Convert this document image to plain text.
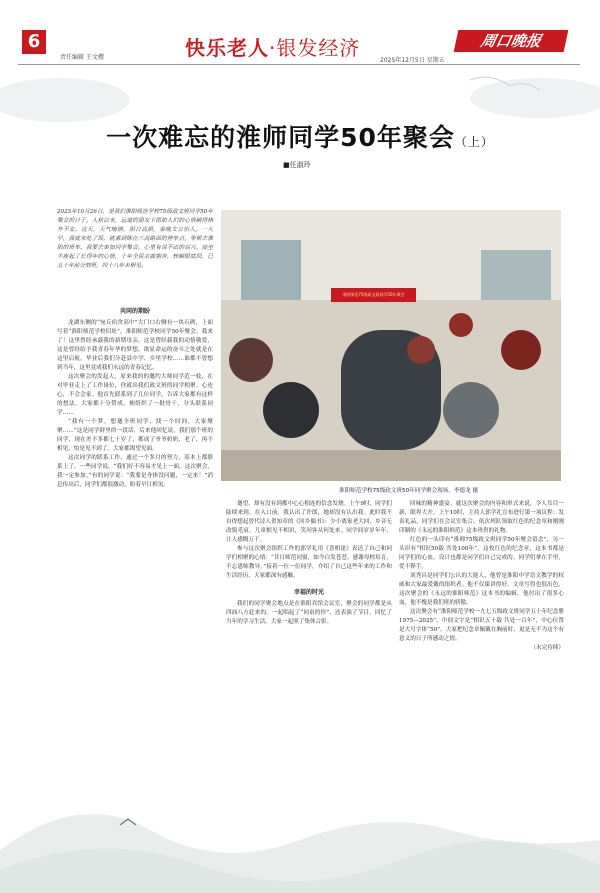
6
责任编辑 王文樱	快乐老人·银发经济	周口晚报
2025年12月5日 星期五
一次难忘的淮师同学50年聚会（上）
■任淑玲
2025年10月26日，是我们淮阳师范学校75级政文班同学50年聚会的日子。入秋以来，远道的朋友下雨如人们的心情瞬得格外不安。这天，天气晴朗，阳日高照，秦晚太公怡人。一大早，我就来吃了饭，就乘到陈在三高路面的停车点，等候去淮阳的班车。我要去参加同学聚会，心里有说不出的高兴。接坐半座起了长得年的心情，十年全民亲戚朝奔，转瞬眼底间，已五十年前分刻班，四十八年未相见。
共同的期盼

龙湖东侧的“宛丘宿舍高中”大门口右侧有一块石碑，上面写着“淮阳师范学校旧址”。淮阳师范学校同学50年聚会，我来了！这里曾经承载我的新期母亲，这是曾经载我的动情敬爱，这是曾经给予我青春年华的梦想，欲显命运的奋斗之处就是在这里启航。毕业后我们分赴县中学、乡里学校……谁都不曾想到当年，这里竟成我们永远的青春记忆。

这次聚会的发起人，原来我的的邀约大师同学范一枝，在对毕业走上了工作岗位，你就出我们政文班的同学相聚。心连心，不会会家。他首先联系到了几位同学，告诉大家都有这样的想法，大家都十分赞成，便组织了一批骨干，分头联系同学……

“我有一个梦，想邀全班同学，找一个时间，大家聚聚……”这是同学群里的一段话，后来他回忆说，我们那个班的同学，现在差不多都七十岁了，都成了爷爷奶奶，老了，再不相见，怕是见不到了。大家都渴望见面。

这次同学的联系工作，通过一个多月的努力，基本上都联系上了。一些同学说，“我们好不容易才见上一面，这次聚会，我一定参加。”有的同学说：“我要是身体没问题，一定来！”消息传出后，同学们都很激动，盼着早日相见。

淮阳师范75级政文班同学50年聚会
淮阳师范学校75级政文班50年同学聚会现场。李德龙 摄

邀望，却有没有到都中心心相连的信念发烧。上午9时，同学们陆续来到。在入口前，我认出了许郎，她却没有认出我。此时我不自得想起曾代诗人贺知章的《回乡偶书》：少小离家老大回，乡音无改鬓毛衰。儿童相见不相识，笑问客从何处来。同学间岁岁年年，让人感慨万千。

参与这次聚会组织工作的郭学礼用《喜相逢》表达了自己和同学们相聚的心情：“昔日师范同窗，如今白发苍苍。感谢母校培育，不忘恩师教导。”接着一位一位同学，介绍了自己这些年来的工作和生活经历，大家都深有感触。

幸福的时光

我们的同学聚会地点是在淮阳宾馆会议室，聚会的同学都是从四面八方赶来的，一起唱起了“同桌的你”，还表演了节目，回忆了当年的学习生活。大家一起照了集体合影。

回味的精神盛宴。就这次聚会的内容和形式来说，令人耳目一新，眼界大开。上午10时，主持人郭学礼宣布进行第一项议程：发表礼品，同学们在会议室集合，依次列队领取红色的纪念章和刚刚印制的《永远的淮阳师范》这本珍贵的礼物。

红色的一头印有“淮师75级政文班同学50年聚会留念”，另一头印有“相识50载 共处100年”。这枚红色的纪念章，这本书都是同学们的心血，设计也都是同学们自己完成的。同学们拿在手里，爱不释手。

刘秀昌是同学们公认的大能人，他曾是淮阳中学语文教学的权威和大家最爱戴的组织者。他不仅课讲得好，文章写得也很出色，这次聚会的《永远的淮阳师范》这本书的编辑，他付出了很多心血，他不愧是我们班的骄傲。

这次聚会有“淮阳师范学校一九七五级政文班同学五十年纪念册1975—2025”，中间文字是“相识五十载 共处一百年”，中心位置是大号字体“50”，大家把纪念章佩戴在胸前时，更是无不为这个有意义的日子所感动之情。

（未完待续）
